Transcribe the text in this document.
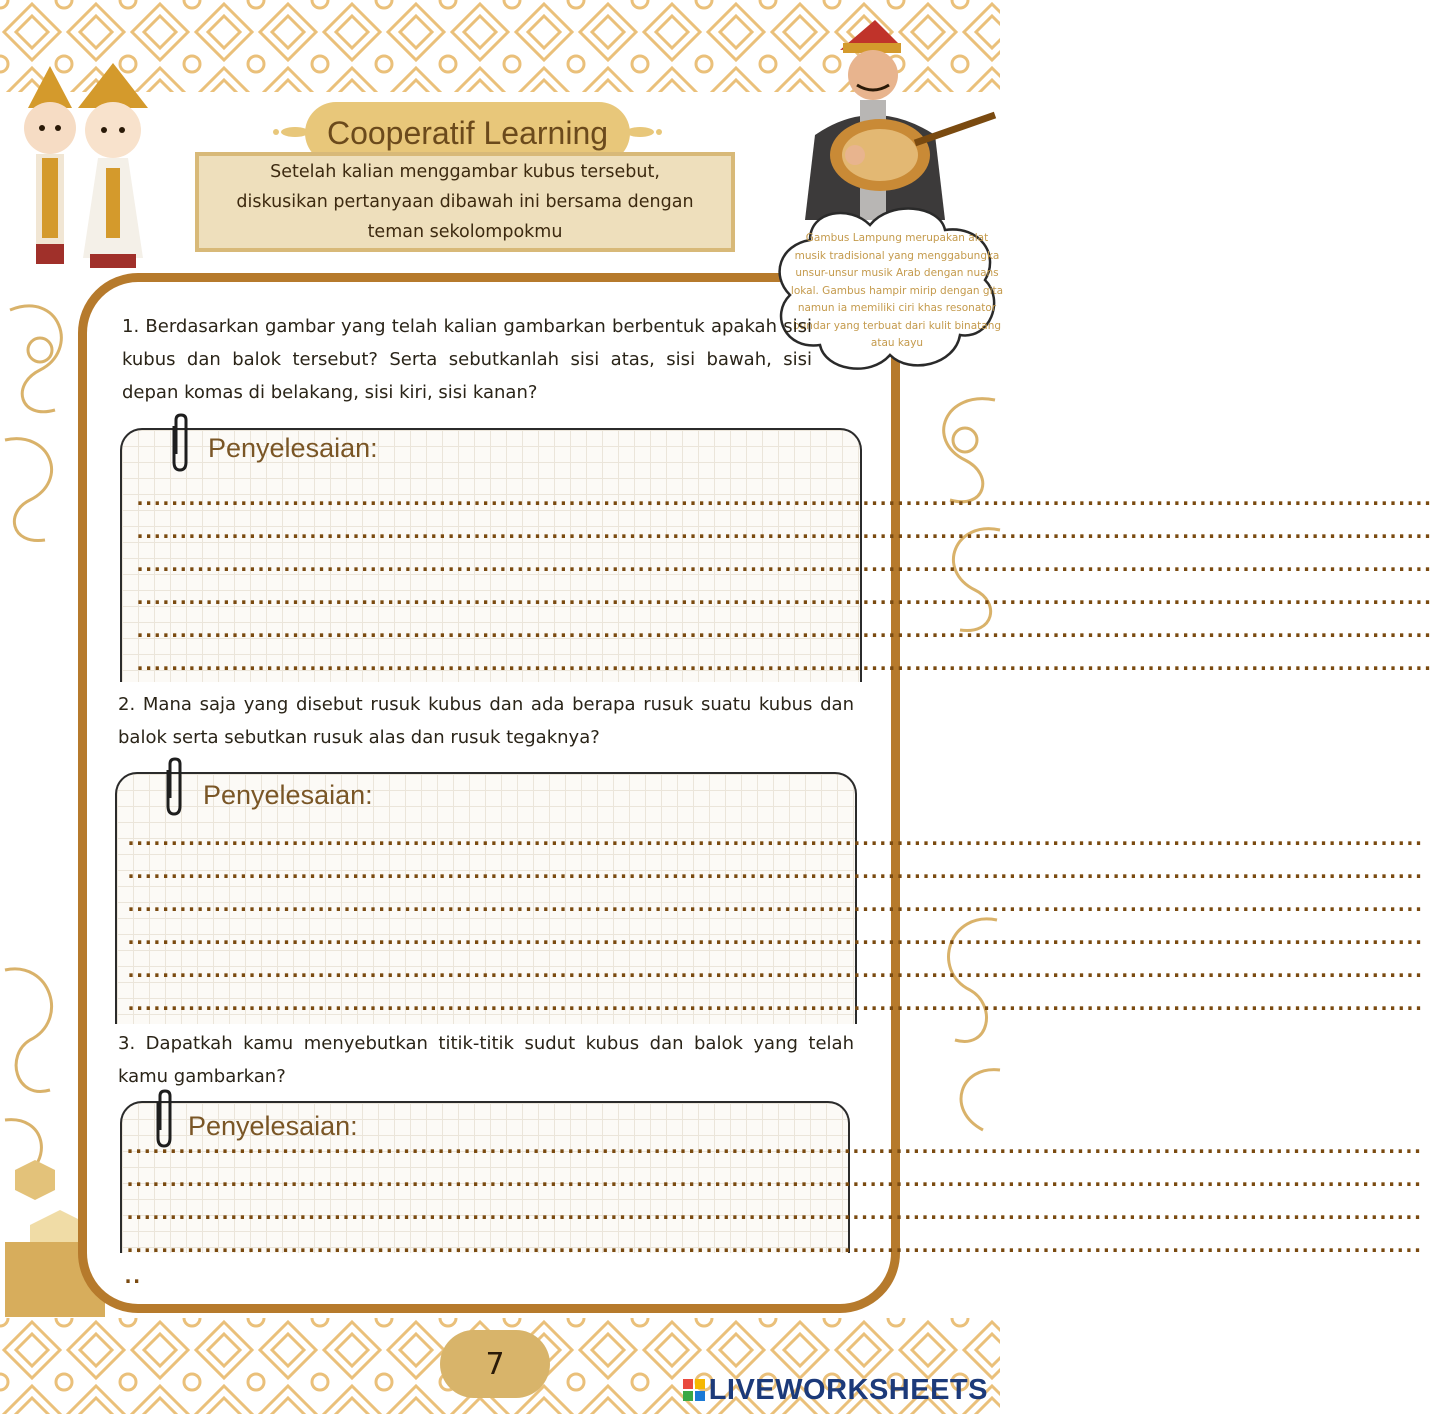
Cooperatif Learning
Setelah kalian menggambar kubus tersebut, diskusikan pertanyaan dibawah ini bersama dengan teman sekolompokmu	Gambus Lampung merupakan alat musik tradisional yang menggabungka unsur-unsur musik Arab dengan nuans lokal. Gambus hampir mirip dengan gita namun ia memiliki ciri khas resonator bundar yang terbuat dari kulit binatang atau kayu
1. Berdasarkan gambar yang telah kalian gambarkan berbentuk apakah sisi kubus dan balok tersebut? Serta sebutkanlah sisi atas, sisi bawah, sisi depan komas di belakang, sisi kiri, sisi kanan?
Penyelesaian:
......................................................................................................................................................
......................................................................................................................................................
......................................................................................................................................................
......................................................................................................................................................
......................................................................................................................................................
......................................................................................................................................................
2. Mana saja yang disebut rusuk kubus dan ada berapa rusuk suatu kubus dan balok serta sebutkan rusuk alas dan rusuk tegaknya?
Penyelesaian:
......................................................................................................................................................
......................................................................................................................................................
......................................................................................................................................................
......................................................................................................................................................
......................................................................................................................................................
......................................................................................................................................................
3. Dapatkah kamu menyebutkan titik-titik sudut kubus dan balok yang telah kamu gambarkan?
Penyelesaian:
......................................................................................................................................................
......................................................................................................................................................
......................................................................................................................................................
......................................................................................................................................................
..
7
LIVEWORKSHEETS
